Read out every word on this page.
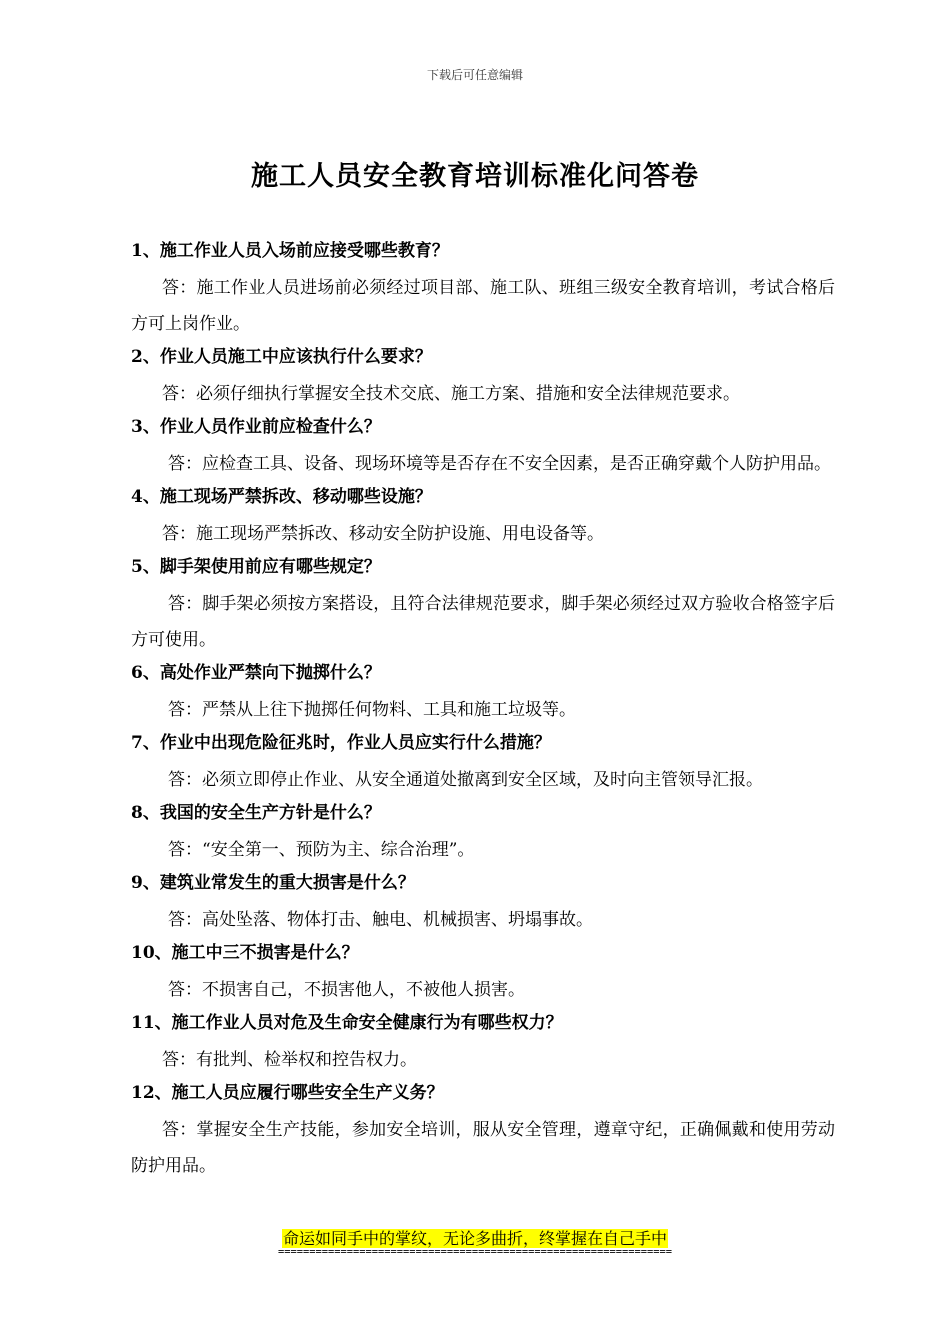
下载后可任意编辑
施工人员安全教育培训标准化问答卷
1、施工作业人员入场前应接受哪些教育？
答：施工作业人员进场前必须经过项目部、施工队、班组三级安全教育培训，考试合格后方可上岗作业。
2、作业人员施工中应该执行什么要求？
答：必须仔细执行掌握安全技术交底、施工方案、措施和安全法律规范要求。
3、作业人员作业前应检查什么？
答：应检查工具、设备、现场环境等是否存在不安全因素，是否正确穿戴个人防护用品。
4、施工现场严禁拆改、移动哪些设施？
答：施工现场严禁拆改、移动安全防护设施、用电设备等。
5、脚手架使用前应有哪些规定？
答：脚手架必须按方案搭设，且符合法律规范要求，脚手架必须经过双方验收合格签字后方可使用。
6、高处作业严禁向下抛掷什么？
答：严禁从上往下抛掷任何物料、工具和施工垃圾等。
7、作业中出现危险征兆时，作业人员应实行什么措施？
答：必须立即停止作业、从安全通道处撤离到安全区域，及时向主管领导汇报。
8、我国的安全生产方针是什么？
答：“安全第一、预防为主、综合治理”。
9、建筑业常发生的重大损害是什么？
答：高处坠落、物体打击、触电、机械损害、坍塌事故。
10、施工中三不损害是什么？
答：不损害自己，不损害他人，不被他人损害。
11、施工作业人员对危及生命安全健康行为有哪些权力？
答：有批判、检举权和控告权力。
12、施工人员应履行哪些安全生产义务？
答：掌握安全生产技能，参加安全培训，服从安全管理，遵章守纪，正确佩戴和使用劳动防护用品。
命运如同手中的掌纹，无论多曲折，终掌握在自己手中
===============================================================
